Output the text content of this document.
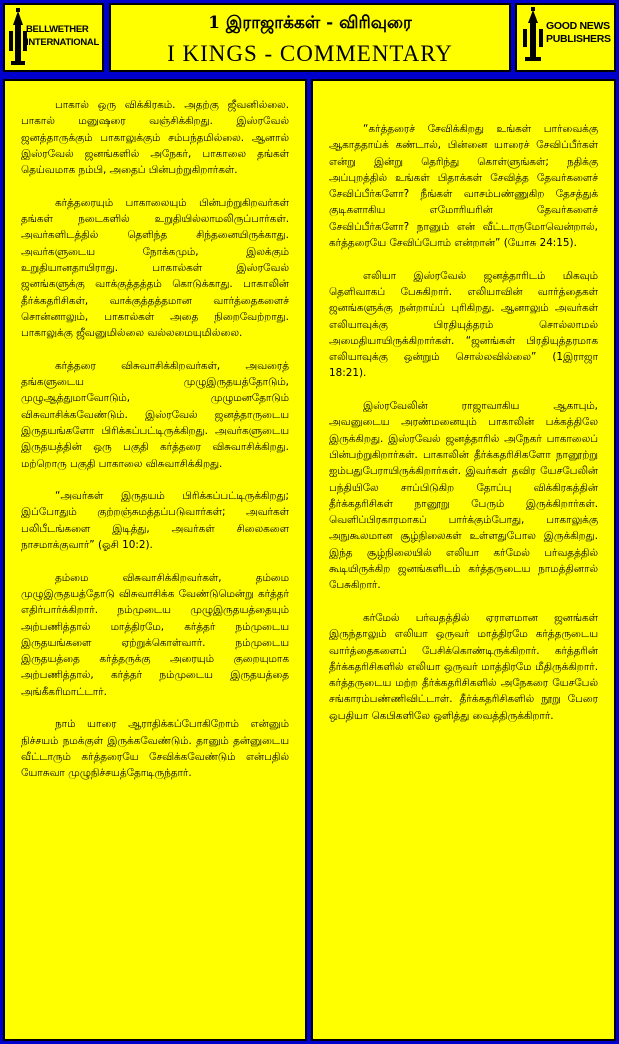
BELLWETHER
INTERNATIONAL
1 இராஜாக்கள் - விரிவுரை
I KINGS - COMMENTARY
GOOD NEWS
PUBLISHERS

பாகால் ஒரு விக்கிரகம். அதற்கு ஜீவனில்லை. பாகால் மனுஷரை வஞ்சிக்கிறது. இஸ்ரவேல் ஜனத்தாருக்கும் பாகாலுக்கும் சம்பந்தமில்லை. ஆனால் இஸ்ரவேல் ஜனங்களில் அநேகர், பாகாலை தங்கள் தெய்வமாக நம்பி, அதைப் பின்பற்றுகிறார்கள்.

கர்த்தரையும் பாகாலையும் பின்பற்றுகிறவர்கள் தங்கள் நடைகளில் உறுதியில்லாமலிருப்பார்கள். அவர்களிடத்தில் தெளிந்த சிந்தனையிருக்காது. அவர்களுடைய நோக்கமும், இலக்கும் உறுதியானதாயிராது. பாகால்கள் இஸ்ரவேல் ஜனங்களுக்கு வாக்குத்தத்தம் கொடுக்காது. பாகாலின் தீர்க்கதரிசிகள், வாக்குத்தத்தமான வார்த்தைகளைச் சொன்னாலும், பாகால்கள் அதை நிறைவேற்றாது. பாகாலுக்கு ஜீவனுமில்லை வல்லமையுமில்லை.

கர்த்தரை விசுவாசிக்கிறவர்கள், அவரைத் தங்களுடைய முழுஇருதயத்தோடும், முழுஆத்துமாவோடும், முழுமனதோடும் விசுவாசிக்கவேண்டும். இஸ்ரவேல் ஜனத்தாருடைய இருதயங்களோ பிரிக்கப்பட்டிருக்கிறது. அவர்களுடைய இருதயத்தின் ஒரு பகுதி கர்த்தரை விசுவாசிக்கிறது. மற்றொரு பகுதி பாகாலை விசுவாசிக்கிறது.

“அவர்கள் இருதயம் பிரிக்கப்பட்டிருக்கிறது; இப்போதும் குற்றஞ்சுமத்தப்படுவார்கள்; அவர்கள் பலிபீடங்களை இடித்து, அவர்கள் சிலைகளை நாசமாக்குவார்” (ஓசி 10:2).

தம்மை விசுவாசிக்கிறவர்கள், தம்மை முழுஇருதயத்தோடு விசுவாசிக்க வேண்டுமென்று கர்த்தர் எதிர்பார்க்கிறார். நம்முடைய முழுஇருதயத்தையும் அற்பணித்தால் மாத்திரமே, கர்த்தர் நம்முடைய இருதயங்களை ஏற்றுக்கொள்வார். நம்முடைய இருதயத்தை கர்த்தருக்கு அரையும் குறையுமாக அற்பணித்தால், கர்த்தர் நம்முடைய இருதயத்தை அங்கீகரிமாட்டார்.

நாம் யாரை ஆராதிக்கப்போகிறோம் என்னும் நிச்சயம் நமக்குள் இருக்கவேண்டும். தானும் தன்னுடைய வீட்டாரும் கர்த்தரையே சேவிக்கவேண்டும் என்பதில் யோசுவா முழுநிச்சயத்தோடிருந்தார்.

“கர்த்தரைச் சேவிக்கிறது உங்கள் பார்வைக்கு ஆகாததாய்க் கண்டால், பின்னை யாரைச் சேவிப்பீர்கள் என்று இன்று தெரிந்து கொள்ளுங்கள்; நதிக்கு அப்புறத்தில் உங்கள் பிதாக்கள் சேவித்த தேவர்களைச் சேவிப்பீர்களோ? நீங்கள் வாசம்பண்ணுகிற தேசத்துக் குடிகளாகிய எமோரியரின் தேவர்களைச் சேவிப்பீர்களோ? நானும் என் வீட்டாருமோவென்றால், கர்த்தரையே சேவிப்போம் என்றான்” (யோசு 24:15).

எலியா இஸ்ரவேல் ஜனத்தாரிடம் மிகவும் தெளிவாகப் பேசுகிறார். எலியாவின் வார்த்தைகள் ஜனங்களுக்கு நன்றாய்ப் புரிகிறது. ஆனாலும் அவர்கள் எலியாவுக்கு பிரதியுத்தரம் சொல்லாமல் அமைதியாயிருக்கிறார்கள். “ஜனங்கள் பிரதியுத்தரமாக எலியாவுக்கு ஒன்றும் சொல்லவில்லை” (1இராஜா 18:21).

இஸ்ரவேலின் ராஜாவாகிய ஆகாபும், அவனுடைய அரண்மனையும் பாகாலின் பக்கத்திலே இருக்கிறது. இஸ்ரவேல் ஜனத்தாரில் அநேகர் பாகாலைப் பின்பற்றுகிறார்கள். பாகாலின் தீர்க்கதரிசிகளோ நானூற்று ஐம்பதுபேராயிருக்கிறார்கள். இவர்கள் தவிர யேசபேலின் பந்தியிலே சாப்பிடுகிற தோப்பு விக்கிரகத்தின் தீர்க்கதரிசிகள் நானூறு பேரும் இருக்கிறார்கள். வெளிப்பிரகாரமாகப் பார்க்கும்போது, பாகாலுக்கு அநுகூலமான சூழ்நிலைகள் உள்ளதுபோல இருக்கிறது. இந்த சூழ்நிலையில் எலியா கர்மேல் பர்வதத்தில் கூடியிருக்கிற ஜனங்களிடம் கர்த்தருடைய நாமத்தினால் பேசுகிறார்.

கர்மேல் பர்வதத்தில் ஏராளமான ஜனங்கள் இருந்தாலும் எலியா ஒருவர் மாத்திரமே கர்த்தருடைய வார்த்தைகளைப் பேசிக்கொண்டிருக்கிறார். கர்த்தரின் தீர்க்கதரிசிகளில் எலியா ஒருவர் மாத்திரமே மீதிருக்கிறார். கர்த்தருடைய மற்ற தீர்க்கதரிசிகளில் அநேகரை யேசபேல் சங்காரம்பண்ணிவிட்டாள். தீர்க்கதரிசிகளில் நூறு பேரை ஒபதியா கெபிகளிலே ஒளித்து வைத்திருக்கிறார்.
